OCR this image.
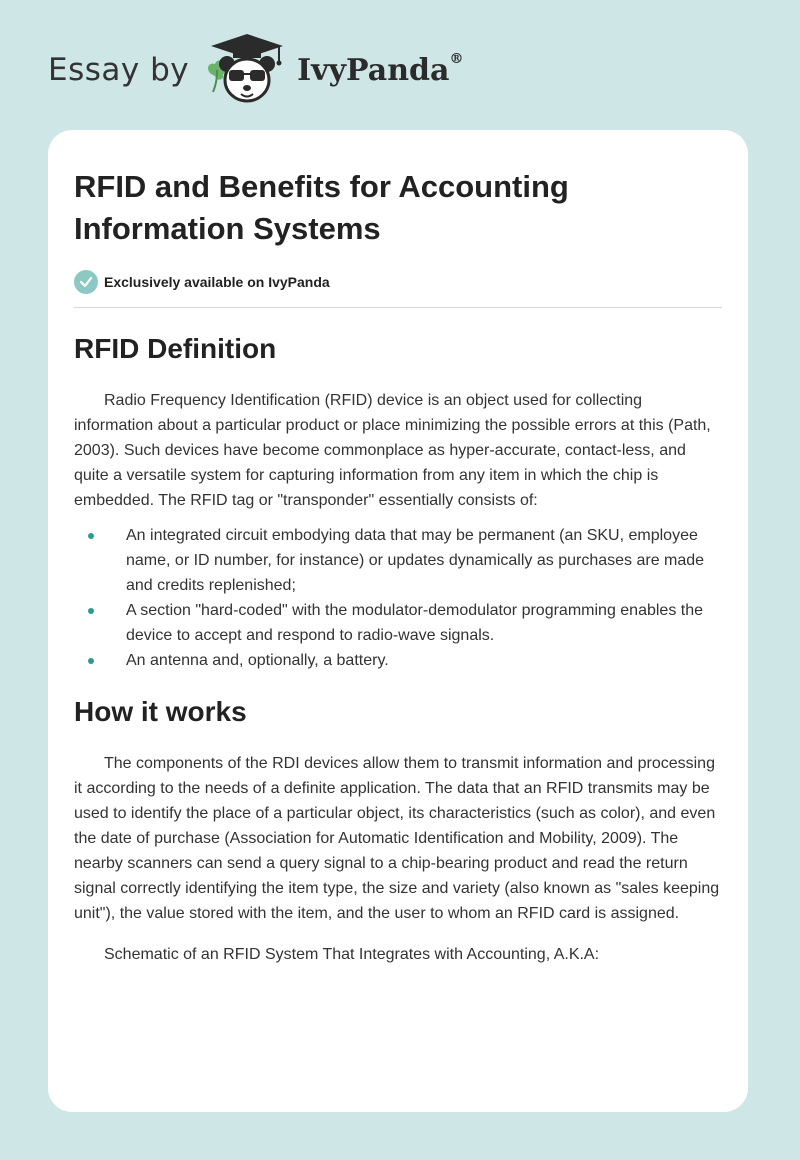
Essay by	IvyPanda®
RFID and Benefits for Accounting Information Systems
Exclusively available on IvyPanda
RFID Definition

Radio Frequency Identification (RFID) device is an object used for collecting information about a particular product or place minimizing the possible errors at this (Path, 2003). Such devices have become commonplace as hyper-accurate, contact-less, and quite a versatile system for capturing information from any item in which the chip is embedded. The RFID tag or "transponder" essentially consists of:

An integrated circuit embodying data that may be permanent (an SKU, employee name, or ID number, for instance) or updates dynamically as purchases are made and credits replenished;
A section "hard-coded" with the modulator-demodulator programming enables the device to accept and respond to radio-wave signals.
An antenna and, optionally, a battery.
How it works

The components of the RDI devices allow them to transmit information and processing it according to the needs of a definite application. The data that an RFID transmits may be used to identify the place of a particular object, its characteristics (such as color), and even the date of purchase (Association for Automatic Identification and Mobility, 2009). The nearby scanners can send a query signal to a chip-bearing product and read the return signal correctly identifying the item type, the size and variety (also known as "sales keeping unit"), the value stored with the item, and the user to whom an RFID card is assigned.

Schematic of an RFID System That Integrates with Accounting, A.K.A:
